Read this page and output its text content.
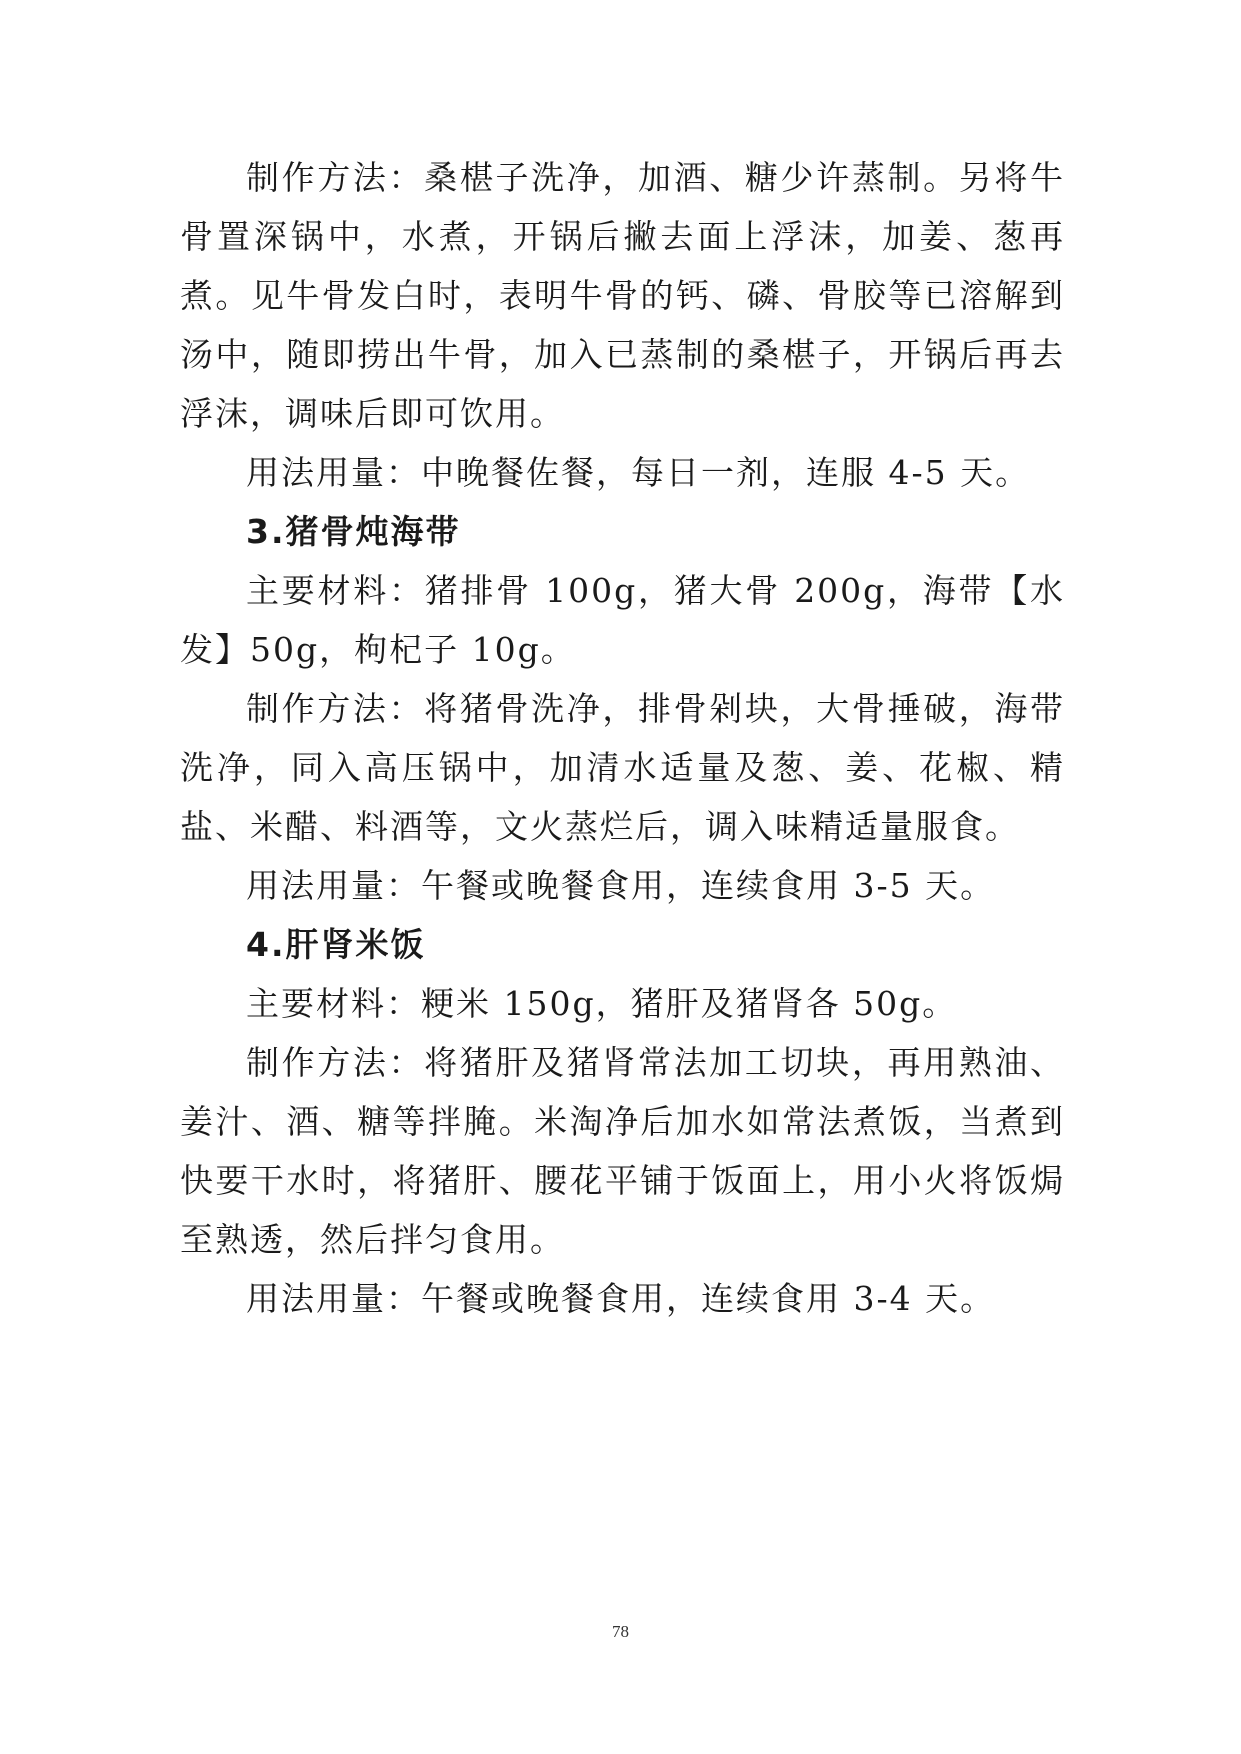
制作方法：桑椹子洗净，加酒、糖少许蒸制。另将牛骨置深锅中，水煮，开锅后撇去面上浮沫，加姜、葱再煮。见牛骨发白时，表明牛骨的钙、磷、骨胶等已溶解到汤中，随即捞出牛骨，加入已蒸制的桑椹子，开锅后再去浮沫，调味后即可饮用。

用法用量：中晚餐佐餐，每日一剂，连服 4-5 天。

3.猪骨炖海带

主要材料：猪排骨 100g，猪大骨 200g，海带【水发】50g，枸杞子 10g。

制作方法：将猪骨洗净，排骨剁块，大骨捶破，海带洗净，同入高压锅中，加清水适量及葱、姜、花椒、精盐、米醋、料酒等，文火蒸烂后，调入味精适量服食。

用法用量：午餐或晚餐食用，连续食用 3-5 天。

4.肝肾米饭

主要材料：粳米 150g，猪肝及猪肾各 50g。

制作方法：将猪肝及猪肾常法加工切块，再用熟油、姜汁、酒、糖等拌腌。米淘净后加水如常法煮饭，当煮到快要干水时，将猪肝、腰花平铺于饭面上，用小火将饭焗至熟透，然后拌匀食用。

用法用量：午餐或晚餐食用，连续食用 3-4 天。

78
